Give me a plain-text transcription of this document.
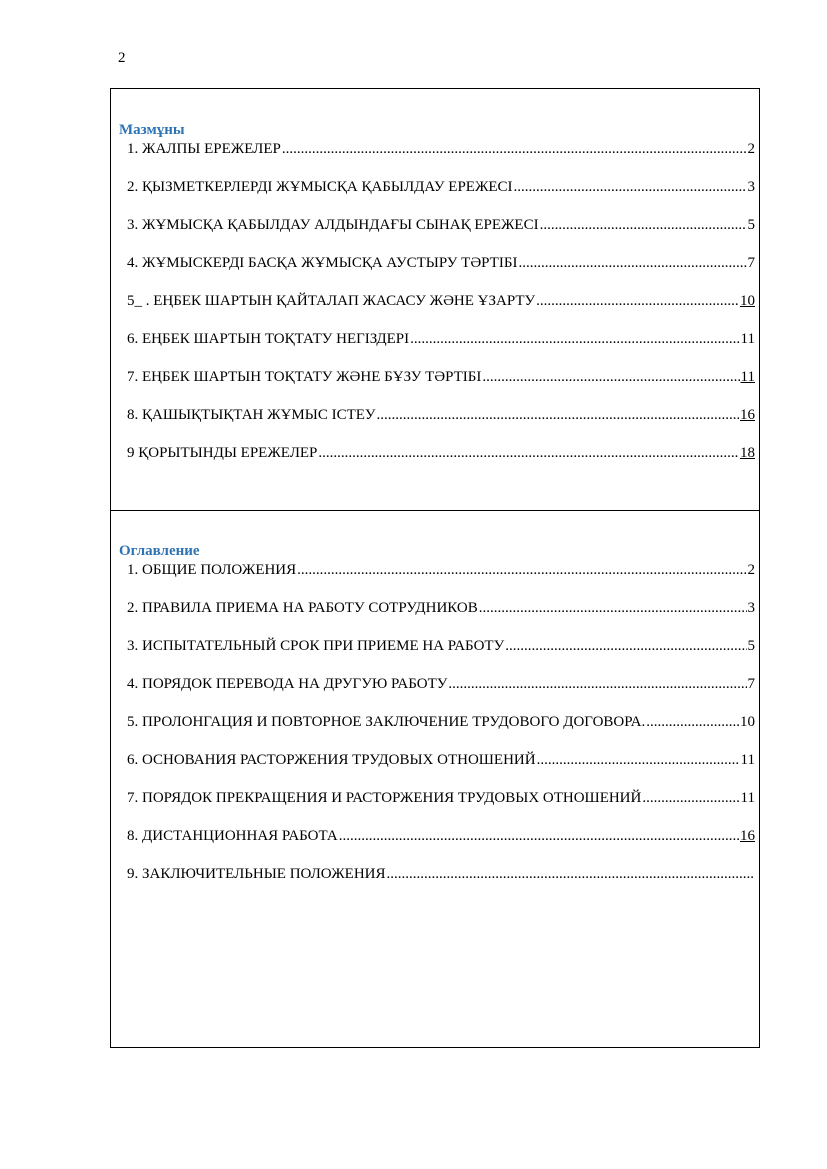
2
Мазмұны
1. ЖАЛПЫ ЕРЕЖЕЛЕР .....	2
2. ҚЫЗМЕТКЕРЛЕРДІ ЖҰМЫСҚА ҚАБЫЛДАУ ЕРЕЖЕСІ .....	3
3. ЖҰМЫСҚА ҚАБЫЛДАУ АЛДЫНДАҒЫ СЫНАҚ ЕРЕЖЕСІ .....	5
4. ЖҰМЫСКЕРДІ БАСҚА ЖҰМЫСҚА АУСТЫРУ ТӘРТІБІ .....	7
5_ . ЕҢБЕК ШАРТЫН ҚАЙТАЛАП ЖАСАСУ ЖӘНЕ ҰЗАРТУ .....	10
6. ЕҢБЕК ШАРТЫН ТОҚТАТУ НЕГІЗДЕРІ .....	11
7. ЕҢБЕК ШАРТЫН ТОҚТАТУ ЖӘНЕ БҰЗУ ТӘРТІБІ .....	11
8. ҚАШЫҚТЫҚТАН ЖҰМЫС ІСТЕУ .....	16
9 ҚОРЫТЫНДЫ ЕРЕЖЕЛЕР .....	18
Оглавление
1. ОБЩИЕ ПОЛОЖЕНИЯ .....	2
2. ПРАВИЛА ПРИЕМА НА РАБОТУ СОТРУДНИКОВ .....	3
3. ИСПЫТАТЕЛЬНЫЙ СРОК ПРИ ПРИЕМЕ НА РАБОТУ .....	5
4. ПОРЯДОК ПЕРЕВОДА НА ДРУГУЮ РАБОТУ .....	7
5. ПРОЛОНГАЦИЯ И ПОВТОРНОЕ ЗАКЛЮЧЕНИЕ ТРУДОВОГО ДОГОВОРА. .....	10
6. ОСНОВАНИЯ РАСТОРЖЕНИЯ ТРУДОВЫХ ОТНОШЕНИЙ .....	11
7. ПОРЯДОК ПРЕКРАЩЕНИЯ И РАСТОРЖЕНИЯ ТРУДОВЫХ ОТНОШЕНИЙ .....	11
8. ДИСТАНЦИОННАЯ РАБОТА .....	16
9. ЗАКЛЮЧИТЕЛЬНЫЕ ПОЛОЖЕНИЯ
.....
